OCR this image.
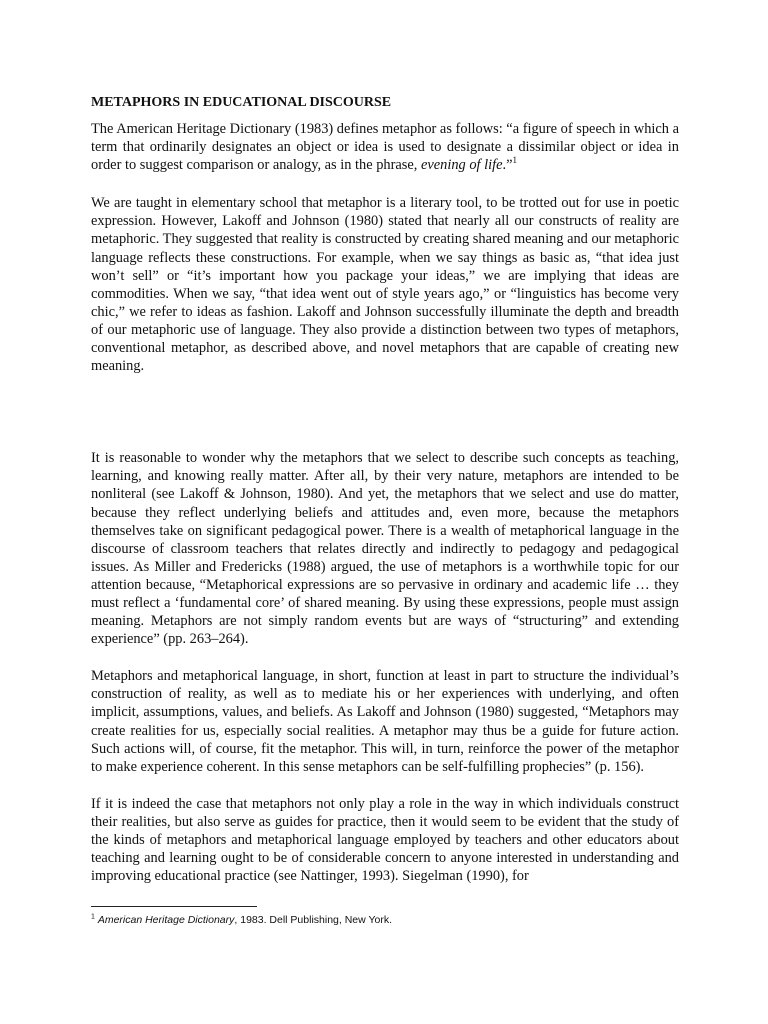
METAPHORS IN EDUCATIONAL DISCOURSE

The American Heritage Dictionary (1983) defines metaphor as follows: “a figure of speech in which a term that ordinarily designates an object or idea is used to designate a dissimilar object or idea in order to suggest comparison or analogy, as in the phrase, evening of life.”$^1$

We are taught in elementary school that metaphor is a literary tool, to be trotted out for use in poetic expression. However, Lakoff and Johnson (1980) stated that nearly all our constructs of reality are metaphoric. They suggested that reality is constructed by creating shared meaning and our metaphoric language reflects these constructions. For example, when we say things as basic as, “that idea just won’t sell” or “it’s important how you package your ideas,” we are implying that ideas are commodities. When we say, “that idea went out of style years ago,” or “linguistics has become very chic,” we refer to ideas as fashion. Lakoff and Johnson successfully illuminate the depth and breadth of our metaphoric use of language. They also provide a distinction between two types of metaphors, conventional metaphor, as described above, and novel metaphors that are capable of creating new meaning.

It is reasonable to wonder why the metaphors that we select to describe such concepts as teaching, learning, and knowing really matter. After all, by their very nature, metaphors are intended to be nonliteral (see Lakoff & Johnson, 1980). And yet, the metaphors that we select and use do matter, because they reflect underlying beliefs and attitudes and, even more, because the metaphors themselves take on significant pedagogical power. There is a wealth of metaphorical language in the discourse of classroom teachers that relates directly and indirectly to pedagogy and pedagogical issues. As Miller and Fredericks (1988) argued, the use of metaphors is a worthwhile topic for our attention because, “Metaphorical expressions are so pervasive in ordinary and academic life … they must reflect a ‘fundamental core’ of shared meaning. By using these expressions, people must assign meaning. Metaphors are not simply random events but are ways of “structuring” and extending experience” (pp. 263–264).

Metaphors and metaphorical language, in short, function at least in part to structure the individual’s construction of reality, as well as to mediate his or her experiences with underlying, and often implicit, assumptions, values, and beliefs. As Lakoff and Johnson (1980) suggested, “Metaphors may create realities for us, especially social realities. A metaphor may thus be a guide for future action. Such actions will, of course, fit the metaphor. This will, in turn, reinforce the power of the metaphor to make experience coherent. In this sense metaphors can be self-fulfilling prophecies” (p. 156).

If it is indeed the case that metaphors not only play a role in the way in which individuals construct their realities, but also serve as guides for practice, then it would seem to be evident that the study of the kinds of metaphors and metaphorical language employed by teachers and other educators about teaching and learning ought to be of considerable concern to anyone interested in understanding and improving educational practice (see Nattinger, 1993). Siegelman (1990), for

$^1$ American Heritage Dictionary, 1983. Dell Publishing, New York.
